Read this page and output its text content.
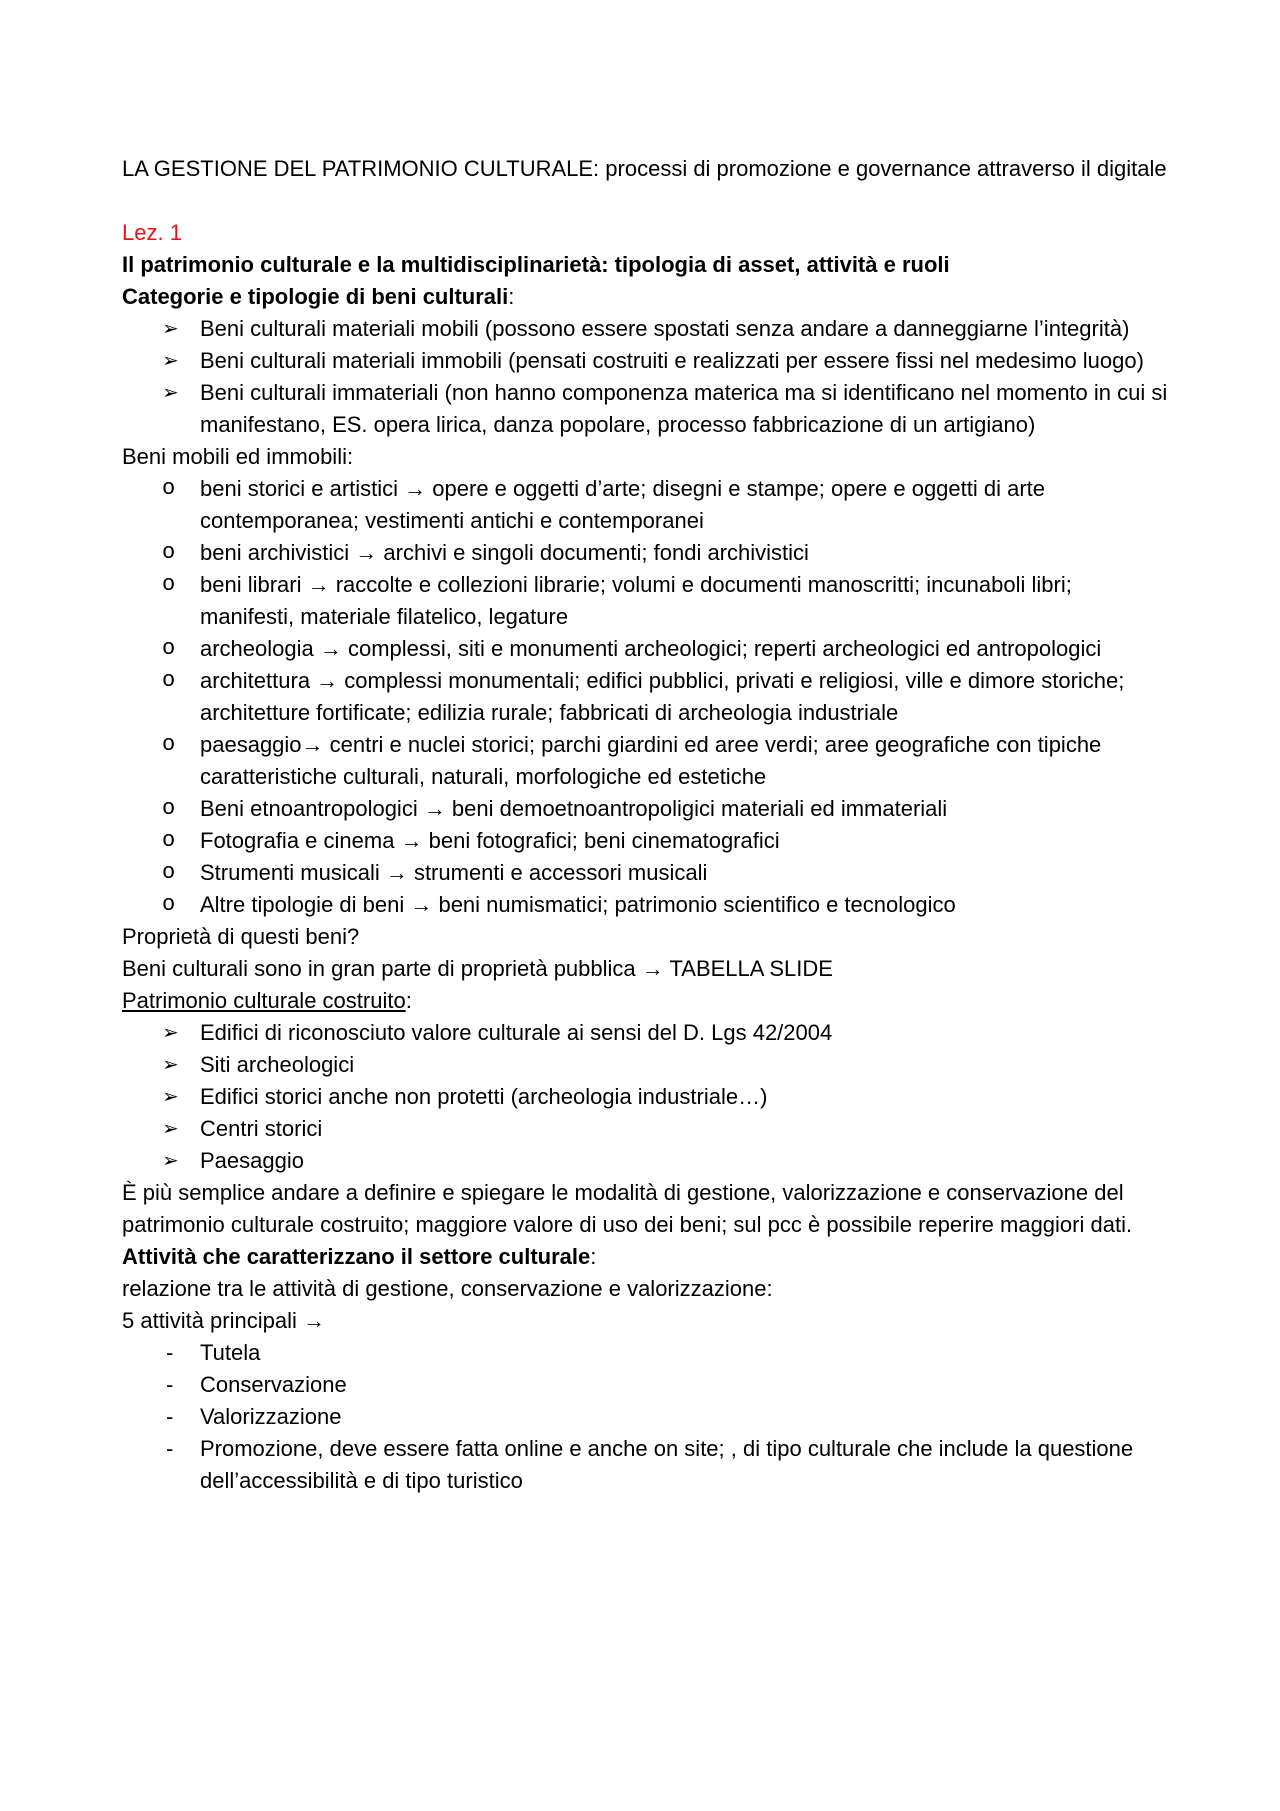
LA GESTIONE DEL PATRIMONIO CULTURALE: processi di promozione e governance attraverso il digitale

Lez. 1

Il patrimonio culturale e la multidisciplinarietà: tipologia di asset, attività e ruoli

Categorie e tipologie di beni culturali:

➢ Beni culturali materiali mobili (possono essere spostati senza andare a danneggiarne l’integrità)
➢ Beni culturali materiali immobili (pensati costruiti e realizzati per essere fissi nel medesimo luogo)
➢ Beni culturali immateriali (non hanno componenza materica ma si identificano nel momento in cui si manifestano, ES. opera lirica, danza popolare, processo fabbricazione di un artigiano)

Beni mobili ed immobili:

o	beni storici e artistici → opere e oggetti d’arte; disegni e stampe; opere e oggetti di arte contemporanea; vestimenti antichi e contemporanei
o	beni archivistici → archivi e singoli documenti; fondi archivistici
o	beni librari → raccolte e collezioni librarie; volumi e documenti manoscritti; incunaboli libri; manifesti, materiale filatelico, legature
o	archeologia → complessi, siti e monumenti archeologici; reperti archeologici ed antropologici
o	architettura → complessi monumentali; edifici pubblici, privati e religiosi, ville e dimore storiche; architetture fortificate; edilizia rurale; fabbricati di archeologia industriale
o	paesaggio→ centri e nuclei storici; parchi giardini ed aree verdi; aree geografiche con tipiche caratteristiche culturali, naturali, morfologiche ed estetiche
o	Beni etnoantropologici → beni demoetnoantropoligici materiali ed immateriali
o	Fotografia e cinema → beni fotografici; beni cinematografici
o	Strumenti musicali → strumenti e accessori musicali
o	Altre tipologie di beni → beni numismatici; patrimonio scientifico e tecnologico

Proprietà di questi beni?

Beni culturali sono in gran parte di proprietà pubblica → TABELLA SLIDE

Patrimonio culturale costruito:

➢ Edifici di riconosciuto valore culturale ai sensi del D. Lgs 42/2004
➢ Siti archeologici
➢ Edifici storici anche non protetti (archeologia industriale…)
➢ Centri storici
➢ Paesaggio

È più semplice andare a definire e spiegare le modalità di gestione, valorizzazione e conservazione del patrimonio culturale costruito; maggiore valore di uso dei beni; sul pcc è possibile reperire maggiori dati.

Attività che caratterizzano il settore culturale:

relazione tra le attività di gestione, conservazione e valorizzazione:

5 attività principali →

-	Tutela
-	Conservazione
-	Valorizzazione
-	Promozione, deve essere fatta online e anche on site; , di tipo culturale che include la questione dell’accessibilità e di tipo turistico
